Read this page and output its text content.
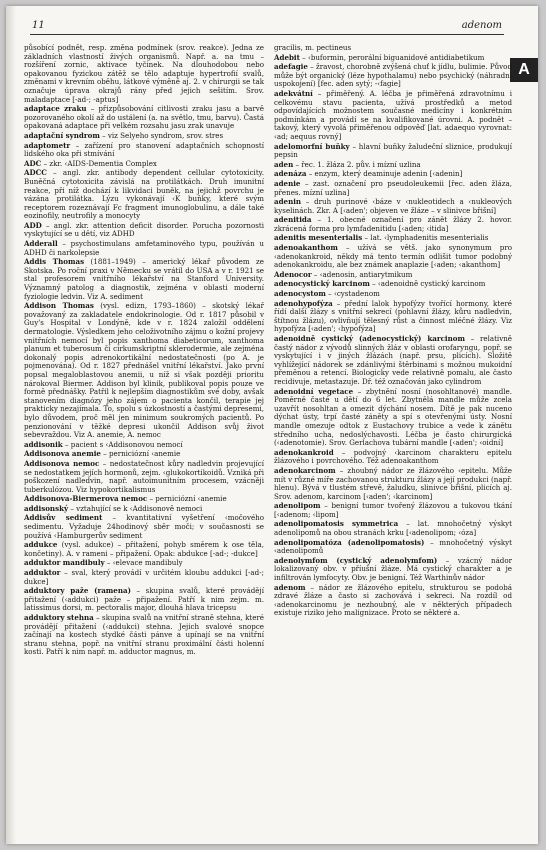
11	adenom
A

působící podnět, resp. změna podmínek (srov. reakce). Jedna ze základních vlastností živých organismů. Např. a. na tmu – rozšíření zornic, aktivace tyčinek. Na dlouhodobou nebo opakovanou fyzickou zátěž se tělo adaptuje hypertrofií svalů, změnami v krevním oběhu, látkové výměně aj. 2. v chirurgii se tak označuje úprava okrajů rány před jejich sešitím. Srov. maladaptace [-ad-; -aptus]

adaptace zraku – přizpůsobování citlivosti zraku jasu a barvě pozorovaného okolí až do ustálení (a. na světlo, tmu, barvu). Častá opakovaná adaptace při velkém rozsahu jasu zrak unavuje

adaptační syndrom – viz Selyeho syndrom, srov. stres

adaptometr – zařízení pro stanovení adaptačních schopností lidského oka při stmívání

ADC – zkr. ‹AIDS-Dementia Complex

ADCC – angl. zkr. antibody dependent cellular cytotoxicity. Buněčná cytotoxicita závislá na protilátkách. Druh imunitní reakce, při níž dochází k likvidaci buněk, na jejichž povrchu je vázána protilátka. Lýzu vykonávají ‹K buňky, které svým receptorem rozeznávají Fc fragment imunoglobulinu, a dále také eozinofily, neutrofily a monocyty

ADD – angl. zkr. attention deficit disorder. Porucha pozornosti vyskytující se u dětí, viz ADHD

Adderall – psychostimulans amfetaminového typu, používán u ADHD či narkolepsie

Addis Thomas (1881–1949) – americký lékař původem ze Skotska. Po roční praxi v Německu se vrátil do USA a v r. 1921 se stal profesorem vnitřního lékařství na Stanford University. Významný patolog a diagnostik, zejména v oblasti moderní fyziologie ledvin. Viz A. sediment

Addison Thomas (vysl. edizn, 1793–1860) – skotský lékař považovaný za zakladatele endokrinologie. Od r. 1817 působil v Guy's Hospital v Londýně, kde v r. 1824 založil oddělení dermatologie. Výsledkem jeho celoživotního zájmu o kožní projevy vnitřních nemocí byl popis xanthoma diabeticorum, xanthoma planum et tuberosum či cirkumskriptní sklerodermie, ale zejména dokonalý popis adrenokortikální nedostatečnosti (po A. je pojmenována). Od r. 1827 přednášel vnitřní lékařství. Jako první popsal megaloblastovou anemii, u níž si však později prioritu nárokoval Biermer. Addison byl klinik, publikoval popis pouze ve formě přednášky. Patřil k nejlepším diagnostikům své doby, avšak stanovením diagnózy jeho zájem o pacienta končil, terapie jej prakticky nezajímala. To, spolu s úzkostností a častými depresemi, bylo důvodem, proč měl jen minimum soukromých pacientů. Po penzionování v těžké depresi ukončil Addison svůj život sebevraždou. Viz A. anemie, A. nemoc

addisonik – pacient s ‹Addisonovou nemocí

Addisonova anemie – perniciózní ‹anemie

Addisonova nemoc – nedostatečnost kůry nadledvin projevující se nedostatkem jejích hormonů, zejm. ‹glukokortikoidů. Vzniká při poškození nadledvin, např. autoimunitním procesem, vzácněji tuberkulózou. Viz hypokortikalismus

Addisonova-Biermerova nemoc – perniciózní ‹anemie

addisonský – vztahující se k ‹Addisonově nemoci

Addisův sediment – kvantitativní vyšetření ‹močového sedimentu. Vyžaduje 24hodinový sběr moči; v současnosti se používá ‹Hamburgerův sediment

addukce (vysl. adukce) – přitažení, pohyb směrem k ose těla, končetiny). A. v rameni – připažení. Opak: abdukce [-ad-; -dukce]

adduktor mandibuly – ‹elevace mandibuly

adduktor – sval, který provádí v určitém kloubu addukci [-ad-; dukce]

adduktory paže (ramena) – skupina svalů, které provádějí přitažení (‹addukci) paže – připažení. Patří k nim zejm. m. latissimus dorsi, m. pectoralis major, dlouhá hlava tricepsu

adduktory stehna – skupina svalů na vnitřní straně stehna, které provádějí přitažení (‹addukci) stehna. Jejich svalové snopce začínají na kostech stydké části pánve a upínají se na vnitřní stranu stehna, popř. na vnitřní stranu proximální části holenní kosti. Patří k nim např. m. adductor magnus, m.

gracilis, m. pectineus

Adebit – ‹buformin, perorální biguanidové antidiabetikum

adefagie – žravost, chorobně zvýšená chuť k jídlu, bulimie. Původ může být organický (léze hypothalamu) nebo psychický (náhradní uspokojení) [fec. aden sytý; -‹fagie]

adekvátní – přiměřený. A. léčba je přiměřená zdravotnímu i celkovému stavu pacienta, užívá prostředků a metod odpovídajících možnostem současné medicíny i konkrétním podmínkám a provádí se na kvalifikované úrovni. A. podnět – takový, který vyvolá přiměřenou odpověď [lat. adaequo vyrovnat: ‹ad; aequus rovný]

adelomorfní buňky – hlavní buňky žaludeční sliznice, produkují pepsin

aden – řec. 1. žláza 2. pův. i mízní uzlina

adenáza – enzym, který deaminuje adenin [‹adenin]

adenie – zast. označení pro pseudoleukemii [řec. aden žláza, přenes. mízní uzlina]

adenin – druh purinové ‹báze v ‹nukleotidech a ‹nukleových kyselinách. Zkr. A [‹aden'; objeven ve žláze – v slinivce břišní]

adenitida – 1. obecné označení pro zánět žlázy 2. hovor. zkrácená forma pro lymfadenitidu [‹aden; ‹itida]

adenitis mesenterialis – lat. ‹lymphadenitis mesenterialis

adenoakanthom – užívá se větš. jako synonymum pro ‹adenokankroid, někdy má tento termín odlišit tumor podobný adenokankroidu, ale bez známek anaplazie [‹aden; ‹akanthom]

Adenocor – ‹adenosin, antiarytmikum

adenocystický karcinom – ‹adenoidně cystický karcinom

adenocystom – ‹cystadenom

adenohypofýza – přední lalok hypofýzy tvořící hormony, které řídí další žlázy s vnitřní sekrecí (pohlavní žlázy, kůru nadledvin, štítnou žlázu), ovlivňují tělesný růst a činnost mléčné žlázy. Viz hypofýza [‹aden'; ‹hypofýza]

adenoidně cystický (adenocystický) karcinom – relativně častý nádor z vývodů slinných žláz v oblasti orofaryngu, popř. se vyskytující i v jiných žlázách (např. prsu, plicích). Složitě vyhlížející nádorek se zdánlivými štěrbinami s možnou mukoidní přeměnou a retencí. Biologicky vede relativně pomalu, ale často recidivuje, metastazuje. Dř. též označován jako cylindrom

adenoidní vegetace – zbytnění nosní (nosohltanové) mandle. Poměrně časté u dětí do 6 let. Zbytnělá mandle může zcela uzavřít nosohltan a omezit dýchání nosem. Dítě je pak nuceno dýchat ústy, trpí časté záněty a spí s otevřenými ústy. Nosní mandle omezuje odtok z Eustachovy trubice a vede k zánětu středního ucha, nedoslýchavosti. Léčba je často chirurgická (‹adenotomie). Srov. Gerlachova tubární mandle [‹aden'; ‹oidní]

adenokankroid – podvojný ‹karcinom charakteru epitelu žlázového i povrchového. Též adenoakanthom

adenokarcinom – zhoubný nádor ze žlázového ‹epitelu. Může mít v různé míře zachovanou strukturu žlázy a její produkci (např. hlenu). Bývá v tlustém střevě, žaludku, slinivce břišní, plicích aj. Srov. adenom, karcinom [‹aden'; ‹karcinom]

adenolipom – benigní tumor tvořený žlázovou a tukovou tkání [‹adenom; ‹lipom]

adenolipomatosis symmetrica – lat. mnohočetný výskyt adenolipomů na obou stranách krku [‹adenolipom; ‹óza]

adenolipomatóza (adenolipomatosis) – mnohočetný výskyt ‹adenolipomů

adenolymfom (cystický adenolymfom) – vzácný nádor lokalizovaný obv. v příušní žláze. Má cystický charakter a je infiltrován lymfocyty. Obv. je benigní. Též Warthinův nádor

adenom – nádor ze žlázového epitelu, strukturou se podobá zdravé žláze a často si zachovává i sekreci. Na rozdíl od ‹adenokarcinomu je nezhoubný, ale v některých případech existuje riziko jeho malignizace. Proto se některé a.
